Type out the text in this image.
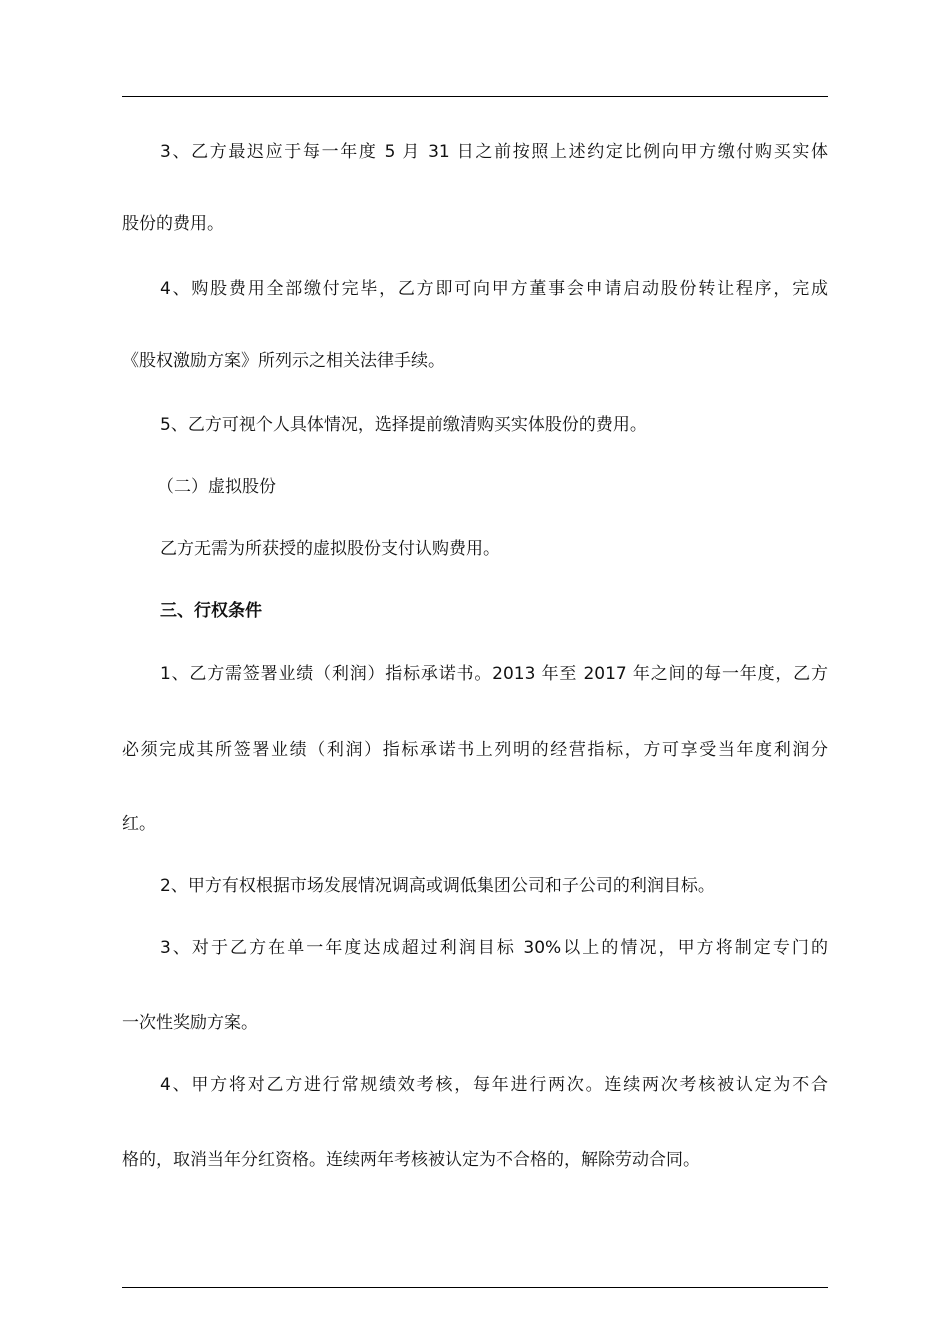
3、乙方最迟应于每一年度 5 月 31 日之前按照上述约定比例向甲方缴付购买实体
股份的费用。
4、购股费用全部缴付完毕，乙方即可向甲方董事会申请启动股份转让程序，完成
《股权激励方案》所列示之相关法律手续。
5、乙方可视个人具体情况，选择提前缴清购买实体股份的费用。
（二）虚拟股份
乙方无需为所获授的虚拟股份支付认购费用。
三、行权条件
1、乙方需签署业绩（利润）指标承诺书。2013 年至 2017 年之间的每一年度，乙方
必须完成其所签署业绩（利润）指标承诺书上列明的经营指标，方可享受当年度利润分
红。
2、甲方有权根据市场发展情况调高或调低集团公司和子公司的利润目标。
3、对于乙方在单一年度达成超过利润目标 30%以上的情况，甲方将制定专门的
一次性奖励方案。
4、甲方将对乙方进行常规绩效考核，每年进行两次。连续两次考核被认定为不合
格的，取消当年分红资格。连续两年考核被认定为不合格的，解除劳动合同。
